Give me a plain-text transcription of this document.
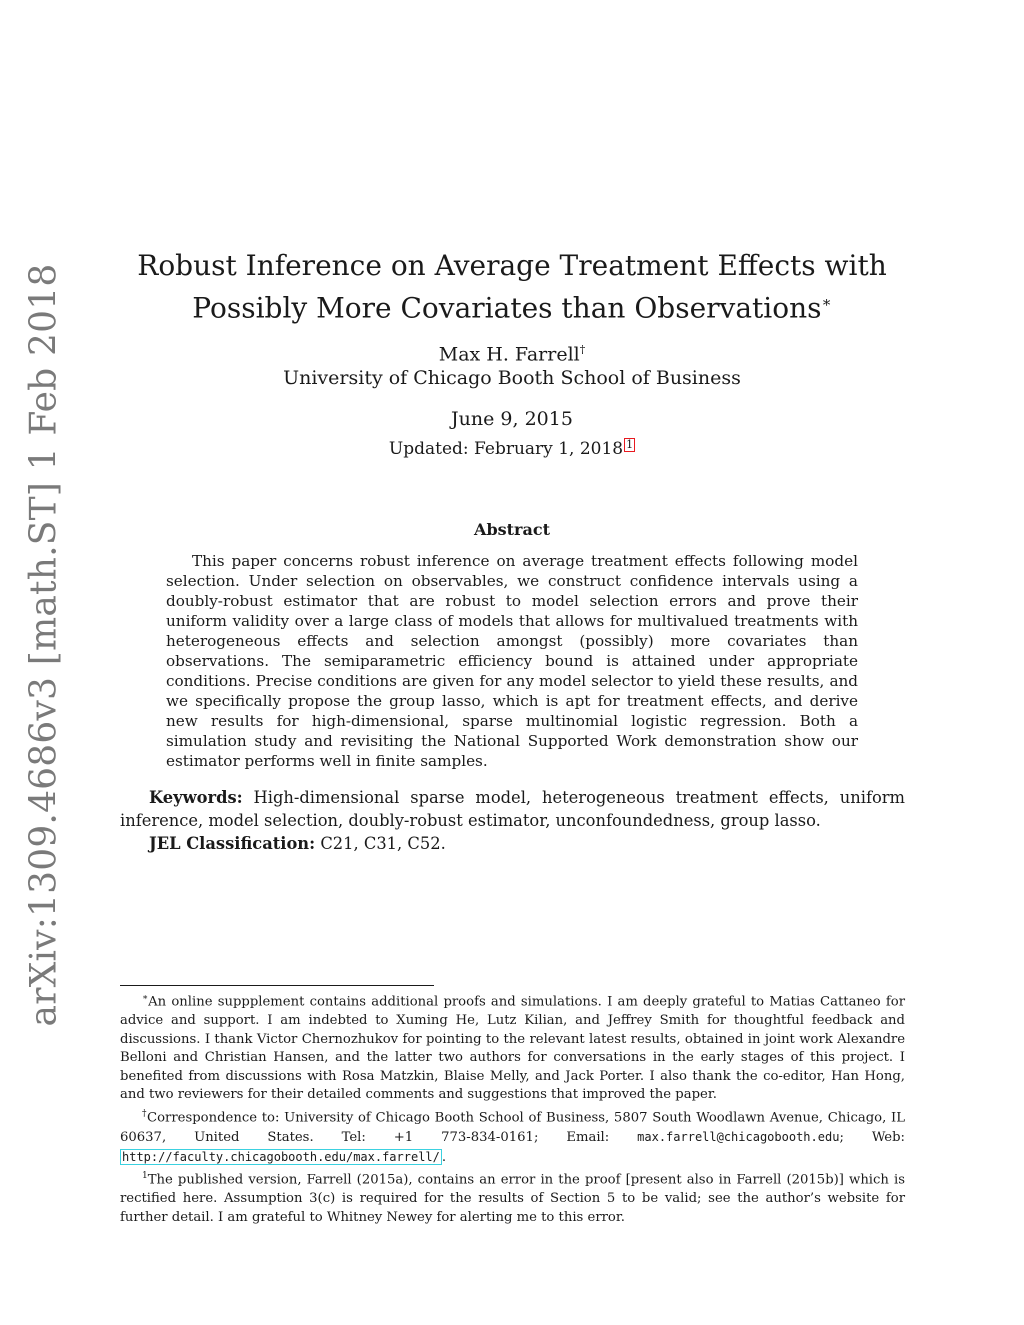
arXiv:1309.4686v3 [math.ST] 1 Feb 2018	Robust Inference on Average Treatment Effects with Possibly More Covariates than Observations∗
Max H. Farrell†
University of Chicago Booth School of Business
June 9, 2015
Updated: February 1, 2018 1
Abstract

This paper concerns robust inference on average treatment effects following model selection. Under selection on observables, we construct confidence intervals using a doubly-robust estimator that are robust to model selection errors and prove their uniform validity over a large class of models that allows for multivalued treatments with heterogeneous effects and selection amongst (possibly) more covariates than observations. The semiparametric efficiency bound is attained under appropriate conditions. Precise conditions are given for any model selector to yield these results, and we specifically propose the group lasso, which is apt for treatment effects, and derive new results for high-dimensional, sparse multinomial logistic regression. Both a simulation study and revisiting the National Supported Work demonstration show our estimator performs well in finite samples.

Keywords: High-dimensional sparse model, heterogeneous treatment effects, uniform inference, model selection, doubly-robust estimator, unconfoundedness, group lasso.

JEL Classification: C21, C31, C52.

∗An online suppplement contains additional proofs and simulations. I am deeply grateful to Matias Cattaneo for advice and support. I am indebted to Xuming He, Lutz Kilian, and Jeffrey Smith for thoughtful feedback and discussions. I thank Victor Chernozhukov for pointing to the relevant latest results, obtained in joint work Alexandre Belloni and Christian Hansen, and the latter two authors for conversations in the early stages of this project. I benefited from discussions with Rosa Matzkin, Blaise Melly, and Jack Porter. I also thank the co-editor, Han Hong, and two reviewers for their detailed comments and suggestions that improved the paper.

†Correspondence to: University of Chicago Booth School of Business, 5807 South Woodlawn Avenue, Chicago, IL 60637, United States. Tel: +1 773-834-0161; Email: max.farrell@chicagobooth.edu; Web: http://faculty.chicagobooth.edu/max.farrell/ .

$^1$The published version, Farrell (2015a), contains an error in the proof [present also in Farrell (2015b)] which is rectified here. Assumption 3(c) is required for the results of Section 5 to be valid; see the author’s website for further detail. I am grateful to Whitney Newey for alerting me to this error.
